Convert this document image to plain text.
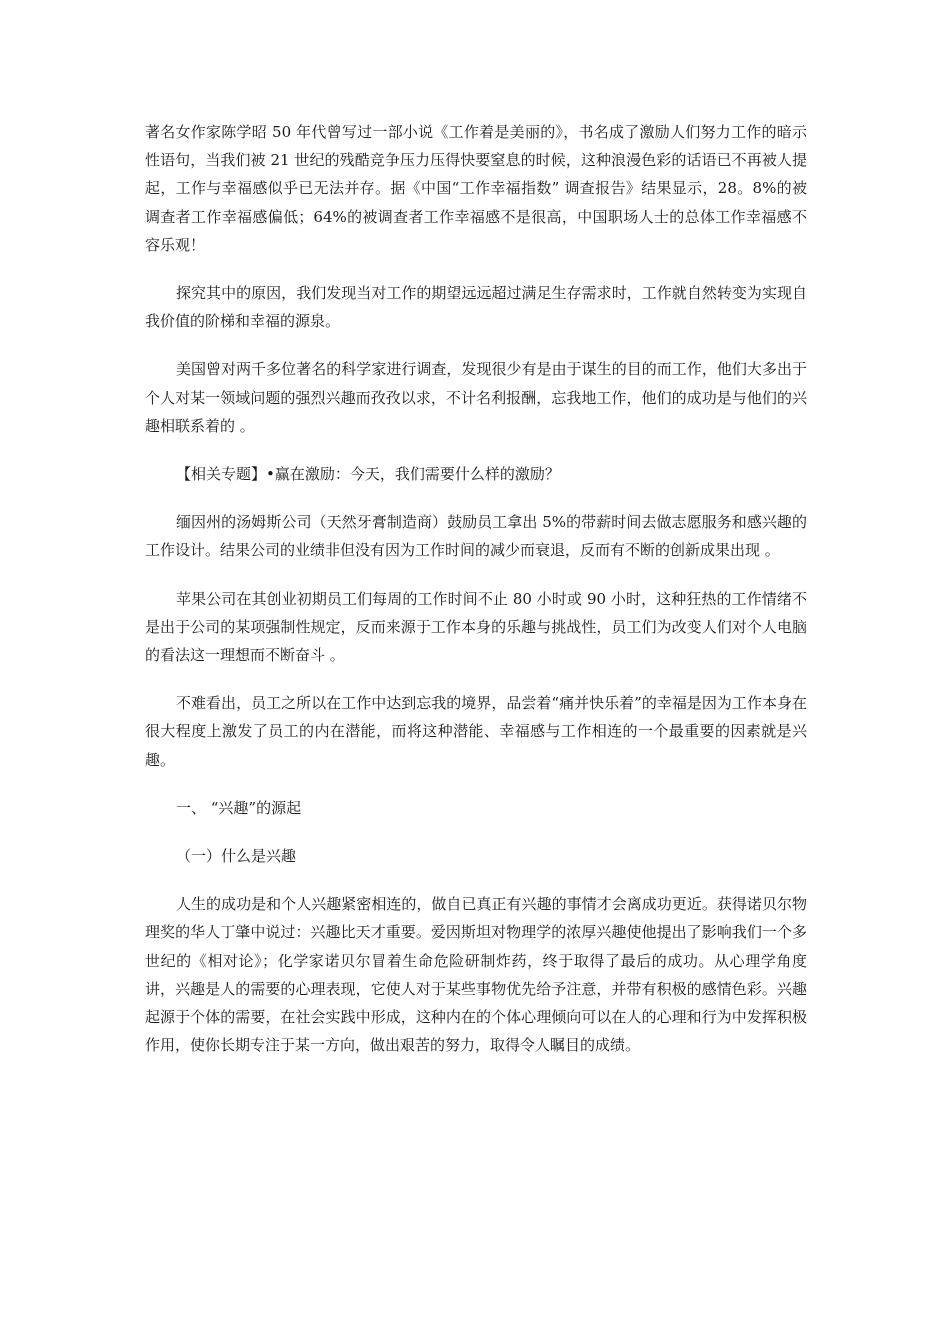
著名女作家陈学昭 50 年代曾写过一部小说《工作着是美丽的》，书名成了激励人们努力工作的暗示性语句，当我们被 21 世纪的残酷竞争压力压得快要窒息的时候，这种浪漫色彩的话语已不再被人提起，工作与幸福感似乎已无法并存。据《中国“工作幸福指数” 调查报告》结果显示，28。8%的被调查者工作幸福感偏低；64%的被调查者工作幸福感不是很高，中国职场人士的总体工作幸福感不容乐观！

探究其中的原因，我们发现当对工作的期望远远超过满足生存需求时，工作就自然转变为实现自我价值的阶梯和幸福的源泉。

美国曾对两千多位著名的科学家进行调查，发现很少有是由于谋生的目的而工作，他们大多出于个人对某一领域问题的强烈兴趣而孜孜以求，不计名利报酬，忘我地工作，他们的成功是与他们的兴趣相联系着的 。

【相关专题】•赢在激励：今天，我们需要什么样的激励？

缅因州的汤姆斯公司（天然牙膏制造商）鼓励员工拿出 5%的带薪时间去做志愿服务和感兴趣的工作设计。结果公司的业绩非但没有因为工作时间的减少而衰退，反而有不断的创新成果出现 。

苹果公司在其创业初期员工们每周的工作时间不止 80 小时或 90 小时，这种狂热的工作情绪不是出于公司的某项强制性规定，反而来源于工作本身的乐趣与挑战性，员工们为改变人们对个人电脑的看法这一理想而不断奋斗 。

不难看出，员工之所以在工作中达到忘我的境界，品尝着“痛并快乐着”的幸福是因为工作本身在很大程度上激发了员工的内在潜能，而将这种潜能、幸福感与工作相连的一个最重要的因素就是兴趣。

一、 “兴趣”的源起

（一）什么是兴趣

人生的成功是和个人兴趣紧密相连的，做自已真正有兴趣的事情才会离成功更近。获得诺贝尔物理奖的华人丁肇中说过：兴趣比天才重要。爱因斯坦对物理学的浓厚兴趣使他提出了影响我们一个多世纪的《相对论》；化学家诺贝尔冒着生命危险研制炸药，终于取得了最后的成功。从心理学角度讲，兴趣是人的需要的心理表现，它使人对于某些事物优先给予注意，并带有积极的感情色彩。兴趣起源于个体的需要，在社会实践中形成，这种内在的个体心理倾向可以在人的心理和行为中发挥积极作用，使你长期专注于某一方向，做出艰苦的努力，取得令人瞩目的成绩。
